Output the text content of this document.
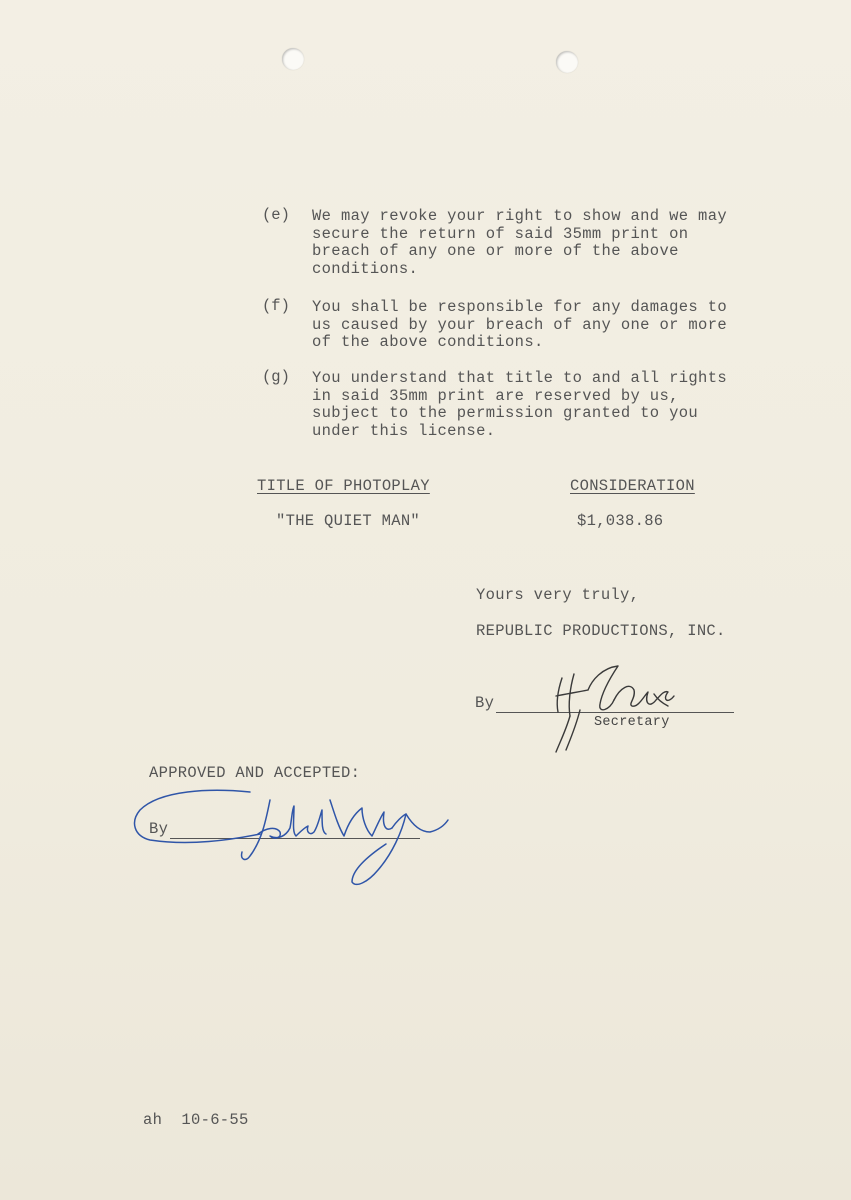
(e) We may revoke your right to show and we may secure the return of said 35mm print on breach of any one or more of the above conditions.
(f) You shall be responsible for any damages to us caused by your breach of any one or more of the above conditions.
(g) You understand that title to and all rights in said 35mm print are reserved by us, subject to the permission granted to you under this license.
TITLE OF PHOTOPLAY	CONSIDERATION
"THE QUIET MAN"	$1,038.86
Yours very truly,
REPUBLIC PRODUCTIONS, INC.
By
Secretary
APPROVED AND ACCEPTED:
By
ah  10-6-55
